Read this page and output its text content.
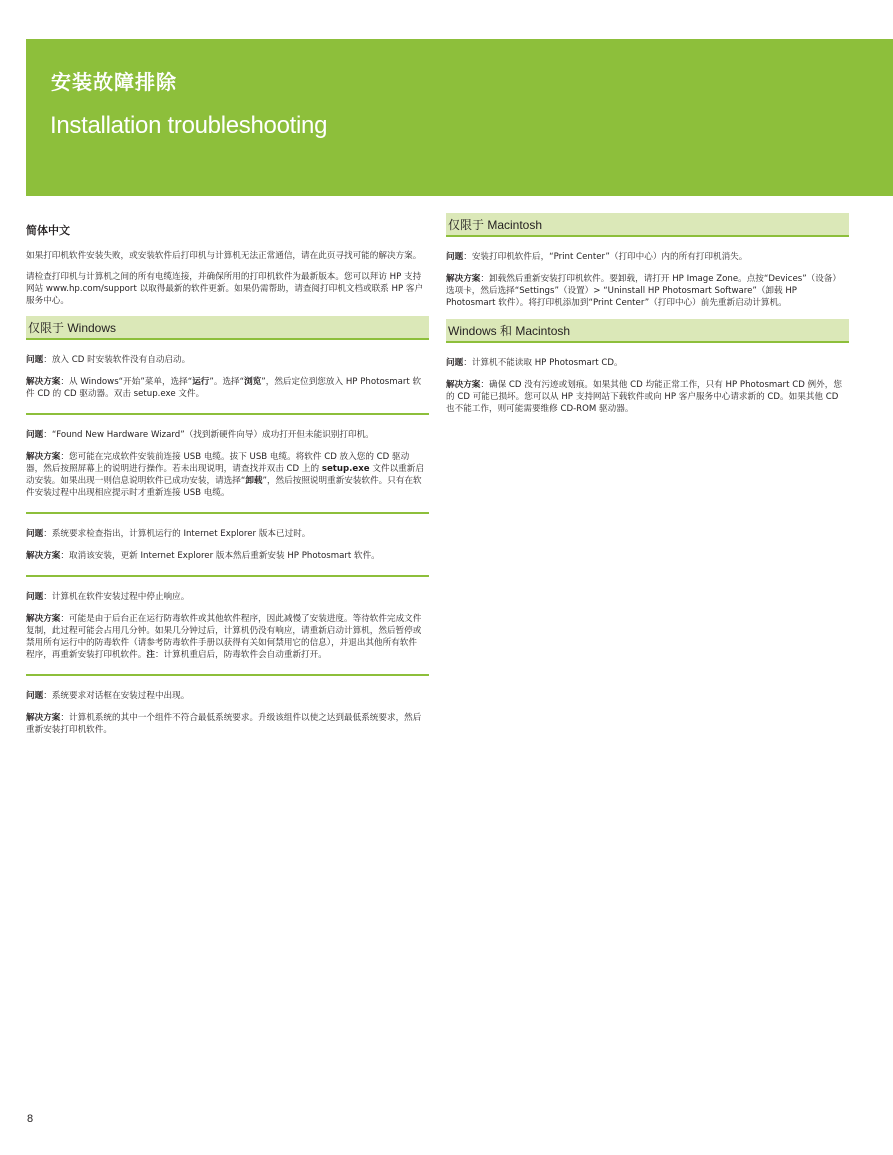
安装故障排除
Installation troubleshooting
简体中文

如果打印机软件安装失败，或安装软件后打印机与计算机无法正常通信，请在此页寻找可能的解决方案。

请检查打印机与计算机之间的所有电缆连接，并确保所用的打印机软件为最新版本。您可以拜访 HP 支持网站 www.hp.com/support 以取得最新的软件更新。如果仍需帮助，请查阅打印机文档或联系 HP 客户服务中心。

仅限于 Windows

问题：放入 CD 时安装软件没有自动启动。

解决方案：从 Windows“开始”菜单，选择“运行”。选择“浏览”，然后定位到您放入 HP Photosmart 软件 CD 的 CD 驱动器。双击 setup.exe 文件。

问题：“Found New Hardware Wizard”（找到新硬件向导）成功打开但未能识别打印机。

解决方案：您可能在完成软件安装前连接 USB 电缆。拔下 USB 电缆。将软件 CD 放入您的 CD 驱动器，然后按照屏幕上的说明进行操作。若未出现说明，请查找并双击 CD 上的 setup.exe 文件以重新启动安装。如果出现一则信息说明软件已成功安装，请选择“卸载”，然后按照说明重新安装软件。只有在软件安装过程中出现相应提示时才重新连接 USB 电缆。

问题：系统要求检查指出，计算机运行的 Internet Explorer 版本已过时。

解决方案：取消该安装，更新 Internet Explorer 版本然后重新安装 HP Photosmart 软件。

问题：计算机在软件安装过程中停止响应。

解决方案：可能是由于后台正在运行防毒软件或其他软件程序，因此减慢了安装进度。等待软件完成文件复制，此过程可能会占用几分钟。如果几分钟过后，计算机仍没有响应，请重新启动计算机，然后暂停或禁用所有运行中的防毒软件（请参考防毒软件手册以获得有关如何禁用它的信息），并退出其他所有软件程序，再重新安装打印机软件。注：计算机重启后，防毒软件会自动重新打开。

问题：系统要求对话框在安装过程中出现。

解决方案：计算机系统的其中一个组件不符合最低系统要求。升级该组件以使之达到最低系统要求，然后重新安装打印机软件。

仅限于 Macintosh

问题：安装打印机软件后，“Print Center”（打印中心）内的所有打印机消失。

解决方案：卸载然后重新安装打印机软件。要卸载，请打开 HP Image Zone。点按“Devices”（设备）选项卡，然后选择“Settings”（设置）> “Uninstall HP Photosmart Software”（卸载 HP Photosmart 软件）。将打印机添加到“Print Center”（打印中心）前先重新启动计算机。

Windows 和 Macintosh

问题：计算机不能读取 HP Photosmart CD。

解决方案：确保 CD 没有污迹或划痕。如果其他 CD 均能正常工作，只有 HP Photosmart CD 例外，您的 CD 可能已损坏。您可以从 HP 支持网站下载软件或向 HP 客户服务中心请求新的 CD。如果其他 CD 也不能工作，则可能需要维修 CD-ROM 驱动器。

8
